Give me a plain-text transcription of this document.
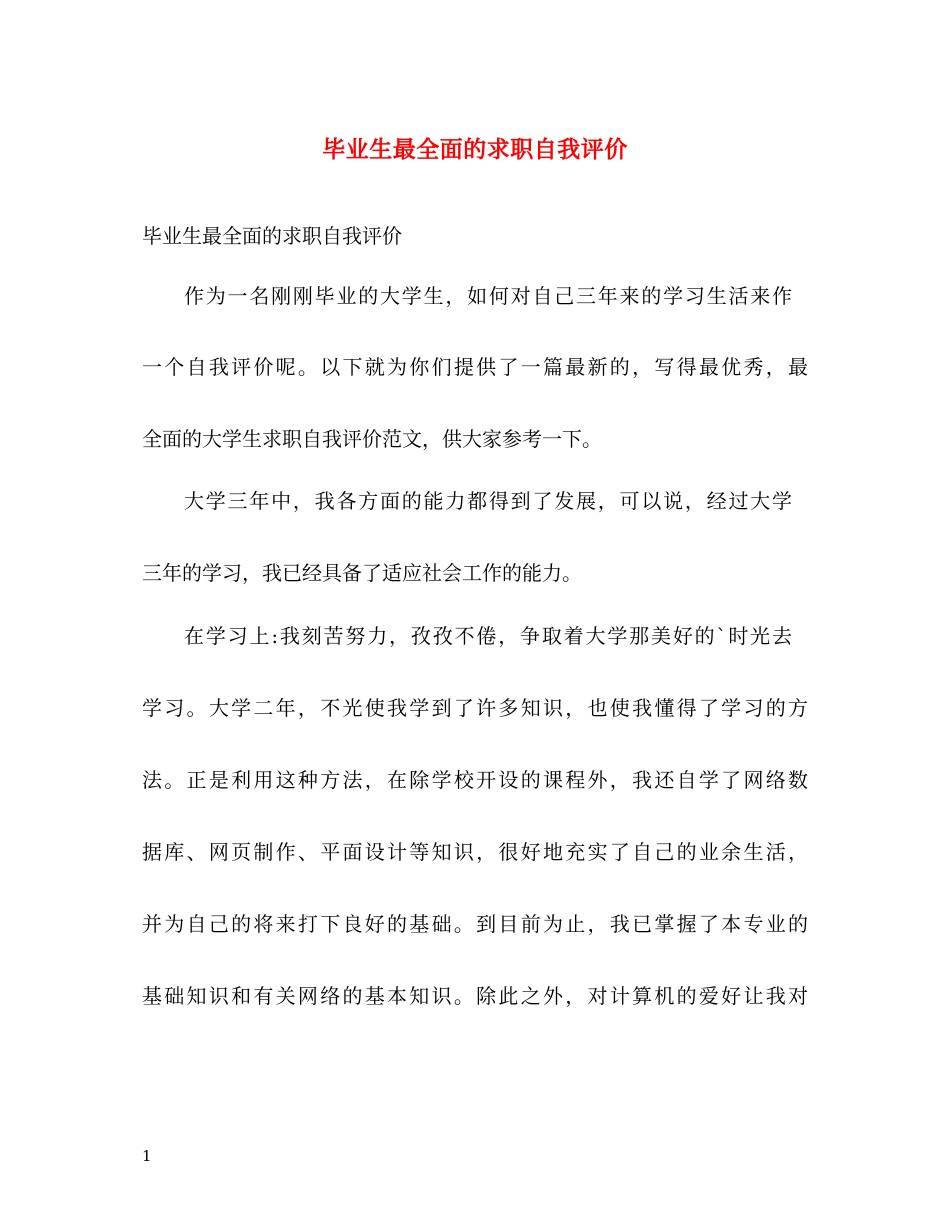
毕业生最全面的求职自我评价
毕业生最全面的求职自我评价
作为一名刚刚毕业的大学生，如何对自己三年来的学习生活来作
一个自我评价呢。以下就为你们提供了一篇最新的，写得最优秀，最
全面的大学生求职自我评价范文，供大家参考一下。
大学三年中，我各方面的能力都得到了发展，可以说，经过大学
三年的学习，我已经具备了适应社会工作的能力。
在学习上:我刻苦努力，孜孜不倦，争取着大学那美好的`时光去
学习。大学二年，不光使我学到了许多知识，也使我懂得了学习的方
法。正是利用这种方法，在除学校开设的课程外，我还自学了网络数
据库、网页制作、平面设计等知识，很好地充实了自己的业余生活，
并为自己的将来打下良好的基础。到目前为止，我已掌握了本专业的
基础知识和有关网络的基本知识。除此之外，对计算机的爱好让我对
1
